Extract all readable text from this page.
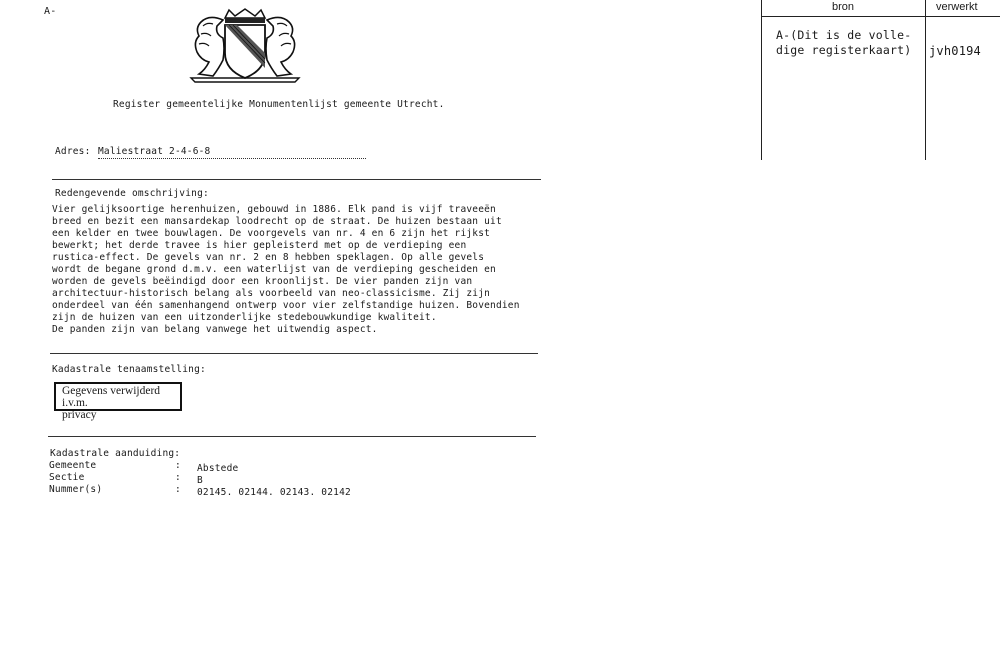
A-
Register gemeentelijke Monumentenlijst gemeente Utrecht.
Adres: Maliestraat 2-4-6-8
Redengevende omschrijving:
Vier gelijksoortige herenhuizen, gebouwd in 1886. Elk pand is vijf traveeën
breed en bezit een mansardekap loodrecht op de straat. De huizen bestaan uit
een kelder en twee bouwlagen. De voorgevels van nr. 4 en 6 zijn het rijkst
bewerkt; het derde travee is hier gepleisterd met op de verdieping een
rustica-effect. De gevels van nr. 2 en 8 hebben speklagen. Op alle gevels
wordt de begane grond d.m.v. een waterlijst van de verdieping gescheiden en
worden de gevels beëindigd door een kroonlijst. De vier panden zijn van
architectuur-historisch belang als voorbeeld van neo-classicisme. Zij zijn
onderdeel van één samenhangend ontwerp voor vier zelfstandige huizen. Bovendien
zijn de huizen van een uitzonderlijke stedebouwkundige kwaliteit.
De panden zijn van belang vanwege het uitwendig aspect.
Kadastrale tenaamstelling:
Gegevens verwijderd i.v.m.
privacy
Kadastrale aanduiding:
Gemeente	: Abstede
Sectie	: B
Nummer(s)	: 02145. 02144. 02143. 02142
bron	verwerkt
A-(Dit is de volle-
dige registerkaart)	jvh0194
